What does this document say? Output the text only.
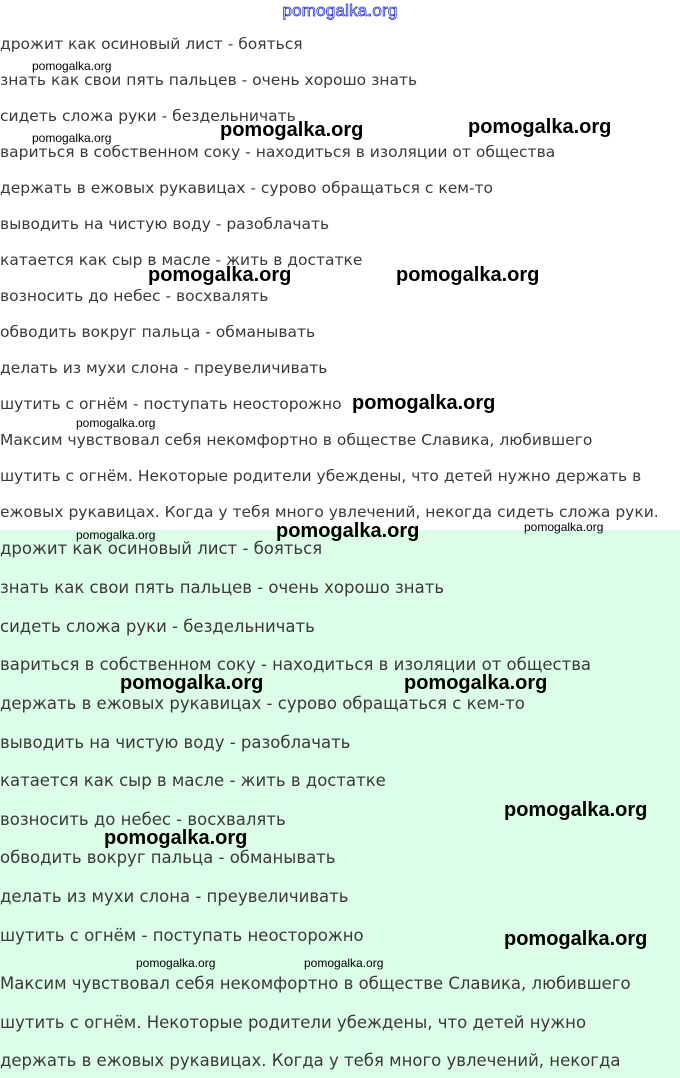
pomogalka.org
дрожит как осиновый лист - бояться
знать как свои пять пальцев - очень хорошо знать
сидеть сложа руки - бездельничать
вариться в собственном соку - находиться в изоляции от общества
держать в ежовых рукавицах - сурово обращаться с кем-то
выводить на чистую воду - разоблачать
катается как сыр в масле - жить в достатке
возносить до небес - восхвалять
обводить вокруг пальца - обманывать
делать из мухи слона - преувеличивать
шутить с огнём - поступать неосторожно
Максим чувствовал себя некомфортно в обществе Славика, любившего
шутить с огнём. Некоторые родители убеждены, что детей нужно держать в
ежовых рукавицах. Когда у тебя много увлечений, некогда сидеть сложа руки.
дрожит как осиновый лист - бояться
знать как свои пять пальцев - очень хорошо знать
сидеть сложа руки - бездельничать
вариться в собственном соку - находиться в изоляции от общества
держать в ежовых рукавицах - сурово обращаться с кем-то
выводить на чистую воду - разоблачать
катается как сыр в масле - жить в достатке
возносить до небес - восхвалять
обводить вокруг пальца - обманывать
делать из мухи слона - преувеличивать
шутить с огнём - поступать неосторожно
Максим чувствовал себя некомфортно в обществе Славика, любившего
шутить с огнём. Некоторые родители убеждены, что детей нужно
держать в ежовых рукавицах. Когда у тебя много увлечений, некогда
pomogalka.org
pomogalka.org	pomogalka.org	pomogalka.org
pomogalka.org	pomogalka.org
pomogalka.org
pomogalka.org
pomogalka.org	pomogalka.org	pomogalka.org
pomogalka.org	pomogalka.org
pomogalka.org
pomogalka.org
pomogalka.org
pomogalka.org	pomogalka.org
